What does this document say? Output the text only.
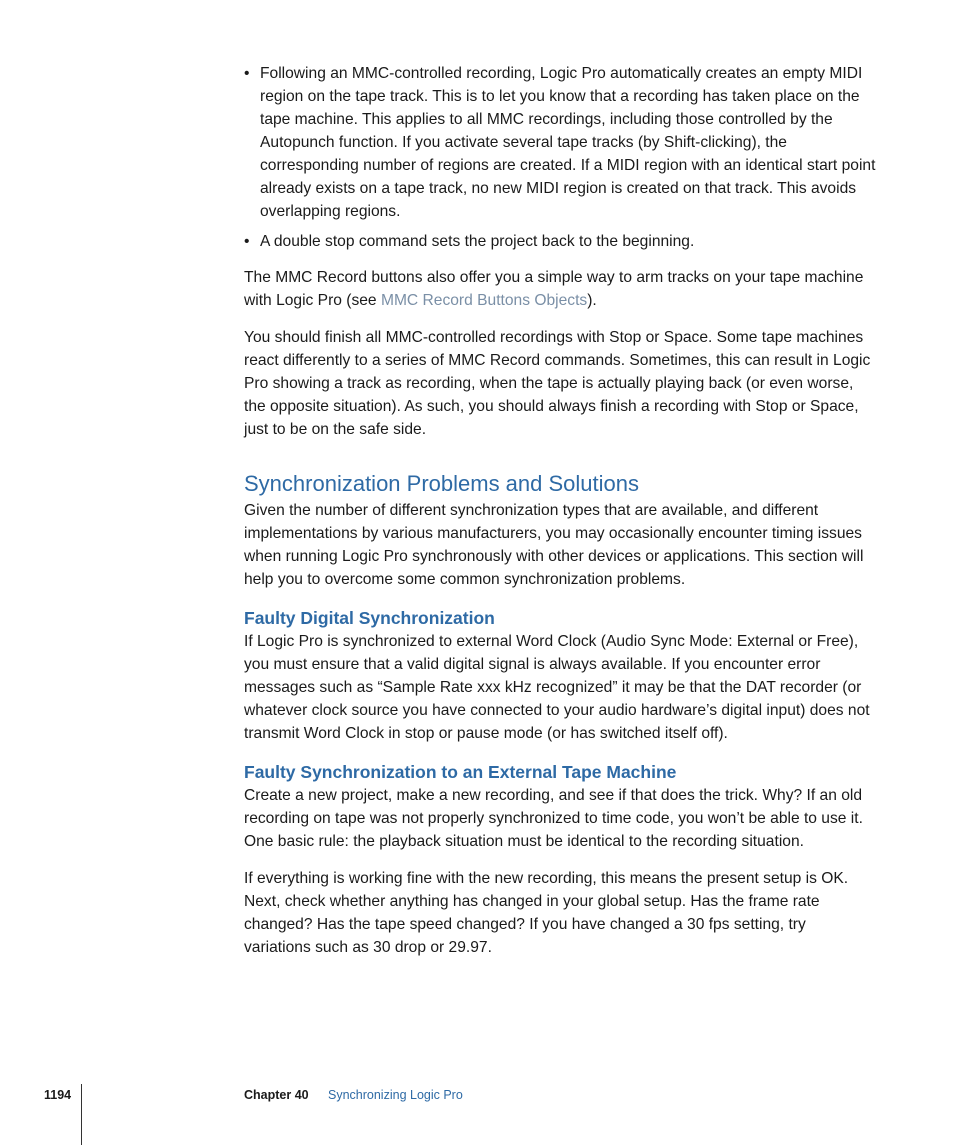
• Following an MMC-controlled recording, Logic Pro automatically creates an empty MIDI region on the tape track. This is to let you know that a recording has taken place on the tape machine. This applies to all MMC recordings, including those controlled by the Autopunch function. If you activate several tape tracks (by Shift-clicking), the corresponding number of regions are created. If a MIDI region with an identical start point already exists on a tape track, no new MIDI region is created on that track. This avoids overlapping regions.
• A double stop command sets the project back to the beginning.

The MMC Record buttons also offer you a simple way to arm tracks on your tape machine with Logic Pro (see MMC Record Buttons Objects).

You should finish all MMC-controlled recordings with Stop or Space. Some tape machines react differently to a series of MMC Record commands. Sometimes, this can result in Logic Pro showing a track as recording, when the tape is actually playing back (or even worse, the opposite situation). As such, you should always finish a recording with Stop or Space, just to be on the safe side.

Synchronization Problems and Solutions

Given the number of different synchronization types that are available, and different implementations by various manufacturers, you may occasionally encounter timing issues when running Logic Pro synchronously with other devices or applications. This section will help you to overcome some common synchronization problems.

Faulty Digital Synchronization

If Logic Pro is synchronized to external Word Clock (Audio Sync Mode: External or Free), you must ensure that a valid digital signal is always available. If you encounter error messages such as “Sample Rate xxx kHz recognized” it may be that the DAT recorder (or whatever clock source you have connected to your audio hardware’s digital input) does not transmit Word Clock in stop or pause mode (or has switched itself off).

Faulty Synchronization to an External Tape Machine

Create a new project, make a new recording, and see if that does the trick. Why? If an old recording on tape was not properly synchronized to time code, you won’t be able to use it. One basic rule: the playback situation must be identical to the recording situation.

If everything is working fine with the new recording, this means the present setup is OK. Next, check whether anything has changed in your global setup. Has the frame rate changed? Has the tape speed changed? If you have changed a 30 fps setting, try variations such as 30 drop or 29.97.

1194	Chapter 40 Synchronizing Logic Pro
